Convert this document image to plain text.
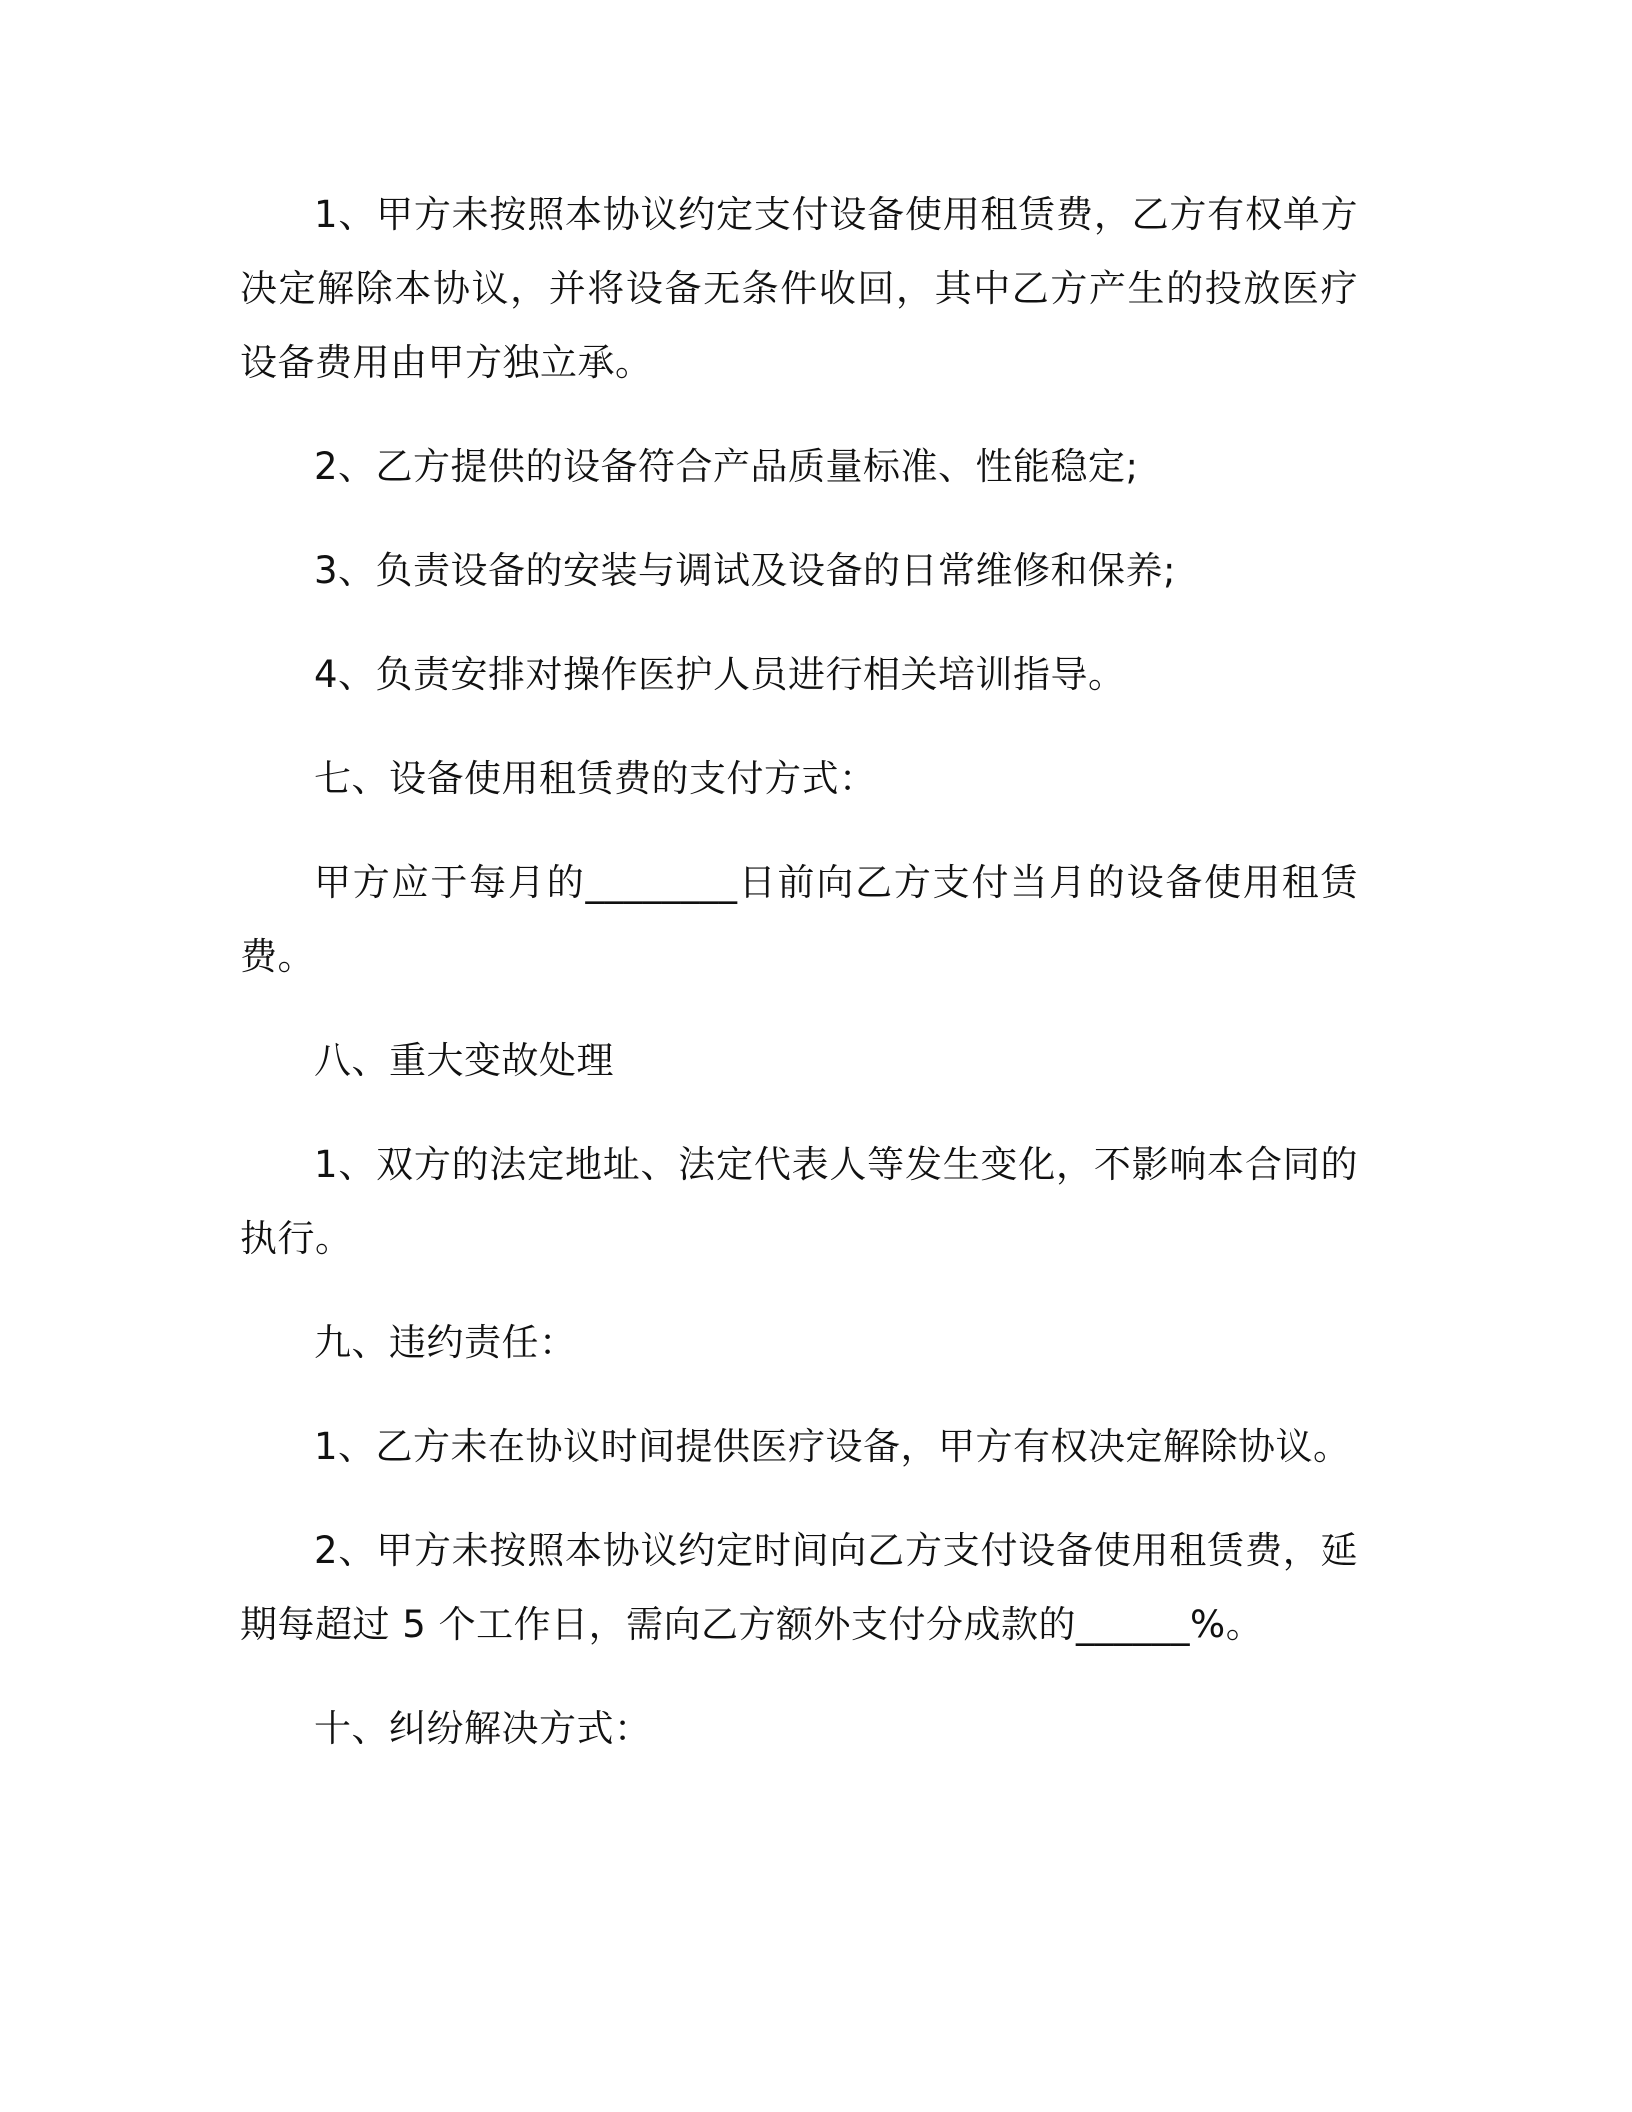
1、甲方未按照本协议约定支付设备使用租赁费，乙方有权单方决定解除本协议，并将设备无条件收回，其中乙方产生的投放医疗设备费用由甲方独立承。

2、乙方提供的设备符合产品质量标准、性能稳定;

3、负责设备的安装与调试及设备的日常维修和保养;

4、负责安排对操作医护人员进行相关培训指导。

七、设备使用租赁费的支付方式：

甲方应于每月的________日前向乙方支付当月的设备使用租赁费。

八、重大变故处理

1、双方的法定地址、法定代表人等发生变化，不影响本合同的执行。

九、违约责任：

1、乙方未在协议时间提供医疗设备，甲方有权决定解除协议。

2、甲方未按照本协议约定时间向乙方支付设备使用租赁费，延期每超过 5 个工作日，需向乙方额外支付分成款的______%。

十、纠纷解决方式：
